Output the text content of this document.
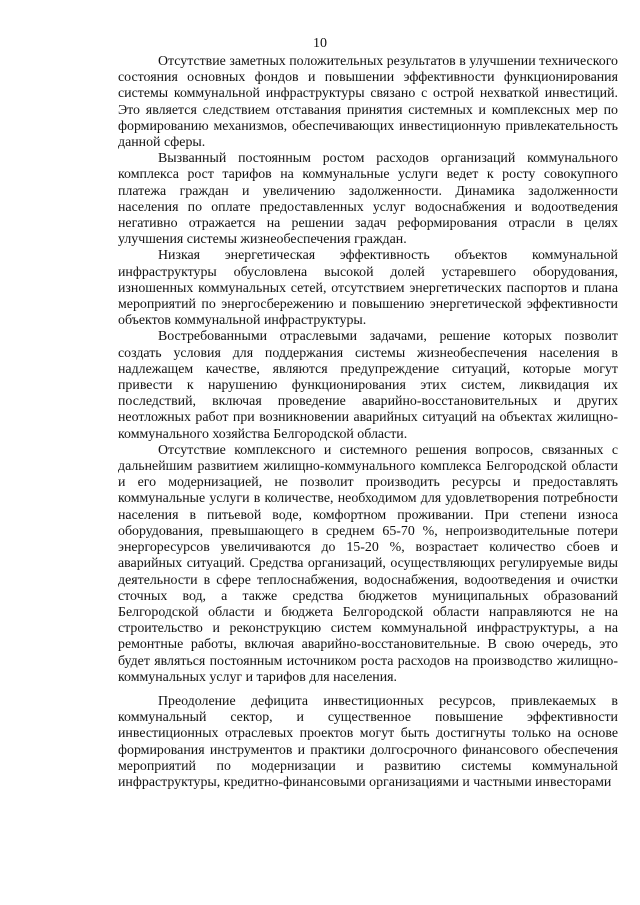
10

Отсутствие заметных положительных результатов в улучшении технического состояния основных фондов и повышении эффективности функционирования системы коммунальной инфраструктуры связано с острой нехваткой инвестиций. Это является следствием отставания принятия системных и комплексных мер по формированию механизмов, обеспечивающих инвестиционную привлекательность данной сферы.

Вызванный постоянным ростом расходов организаций коммунального комплекса рост тарифов на коммунальные услуги ведет к росту совокупного платежа граждан и увеличению задолженности. Динамика задолженности населения по оплате предоставленных услуг водоснабжения и водоотведения негативно отражается на решении задач реформирования отрасли в целях улучшения системы жизнеобеспечения граждан.

Низкая энергетическая эффективность объектов коммунальной инфраструктуры обусловлена высокой долей устаревшего оборудования, изношенных коммунальных сетей, отсутствием энергетических паспортов и плана мероприятий по энергосбережению и повышению энергетической эффективности объектов коммунальной инфраструктуры.

Востребованными отраслевыми задачами, решение которых позволит создать условия для поддержания системы жизнеобеспечения населения в надлежащем качестве, являются предупреждение ситуаций, которые могут привести к нарушению функционирования этих систем, ликвидация их последствий, включая проведение аварийно-восстановительных и других неотложных работ при возникновении аварийных ситуаций на объектах жилищно-коммунального хозяйства Белгородской области.

Отсутствие комплексного и системного решения вопросов, связанных с дальнейшим развитием жилищно-коммунального комплекса Белгородской области и его модернизацией, не позволит производить ресурсы и предоставлять коммунальные услуги в количестве, необходимом для удовлетворения потребности населения в питьевой воде, комфортном проживании. При степени износа оборудования, превышающего в среднем 65-70 %, непроизводительные потери энергоресурсов увеличиваются до 15-20 %, возрастает количество сбоев и аварийных ситуаций. Средства организаций, осуществляющих регулируемые виды деятельности в сфере теплоснабжения, водоснабжения, водоотведения и очистки сточных вод, а также средства бюджетов муниципальных образований Белгородской области и бюджета Белгородской области направляются не на строительство и реконструкцию систем коммунальной инфраструктуры, а на ремонтные работы, включая аварийно-восстановительные. В свою очередь, это будет являться постоянным источником роста расходов на производство жилищно-коммунальных услуг и тарифов для населения.

Преодоление дефицита инвестиционных ресурсов, привлекаемых в коммунальный сектор, и существенное повышение эффективности инвестиционных отраслевых проектов могут быть достигнуты только на основе формирования инструментов и практики долгосрочного финансового обеспечения мероприятий по модернизации и развитию системы коммунальной инфраструктуры, кредитно-финансовыми организациями и частными инвесторами
